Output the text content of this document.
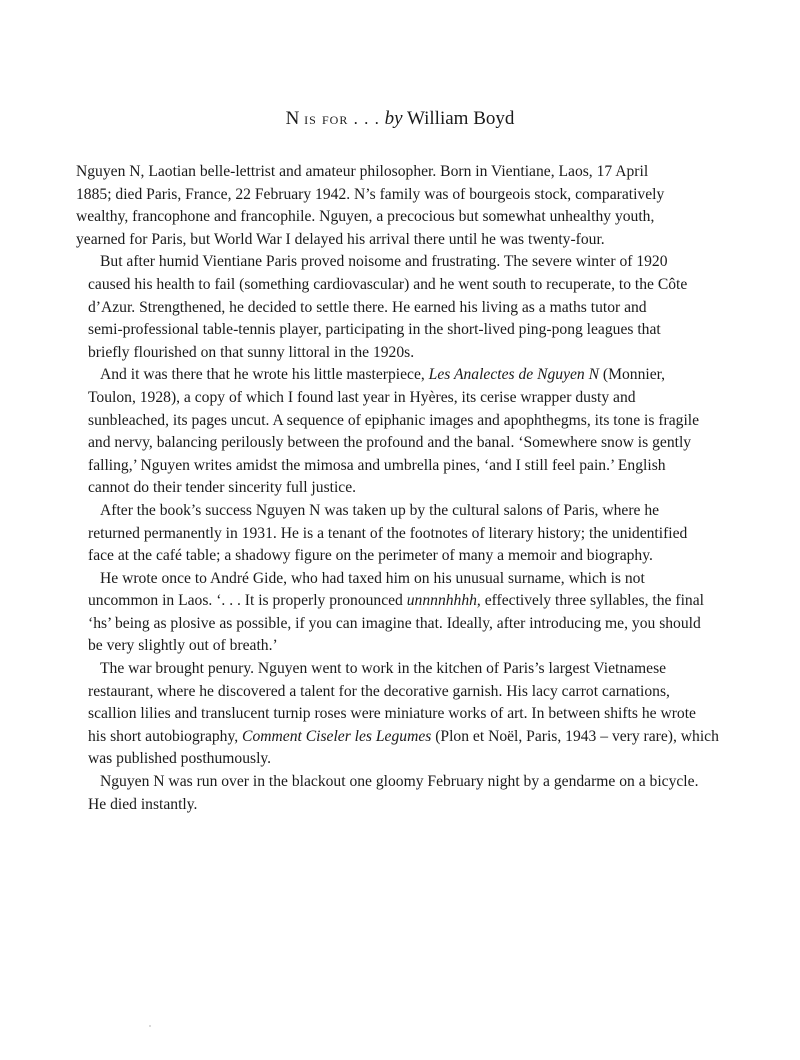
N is for . . . by William Boyd
Nguyen N, Laotian belle-lettrist and amateur philosopher. Born in Vientiane, Laos, 17 April
1885; died Paris, France, 22 February 1942. N’s family was of bourgeois stock, comparatively
wealthy, francophone and francophile. Nguyen, a precocious but somewhat unhealthy youth,
yearned for Paris, but World War I delayed his arrival there until he was twenty-four.
But after humid Vientiane Paris proved noisome and frustrating. The severe winter of 1920
caused his health to fail (something cardiovascular) and he went south to recuperate, to the Côte
d’Azur. Strengthened, he decided to settle there. He earned his living as a maths tutor and
semi-professional table-tennis player, participating in the short-lived ping-pong leagues that
briefly flourished on that sunny littoral in the 1920s.
And it was there that he wrote his little masterpiece, Les Analectes de Nguyen N (Monnier,
Toulon, 1928), a copy of which I found last year in Hyères, its cerise wrapper dusty and
sunbleached, its pages uncut. A sequence of epiphanic images and apophthegms, its tone is fragile
and nervy, balancing perilously between the profound and the banal. ‘Somewhere snow is gently
falling,’ Nguyen writes amidst the mimosa and umbrella pines, ‘and I still feel pain.’ English
cannot do their tender sincerity full justice.
After the book’s success Nguyen N was taken up by the cultural salons of Paris, where he
returned permanently in 1931. He is a tenant of the footnotes of literary history; the unidentified
face at the café table; a shadowy figure on the perimeter of many a memoir and biography.
He wrote once to André Gide, who had taxed him on his unusual surname, which is not
uncommon in Laos. ‘. . . It is properly pronounced unnnnhhhh, effectively three syllables, the final
‘hs’ being as plosive as possible, if you can imagine that. Ideally, after introducing me, you should
be very slightly out of breath.’
The war brought penury. Nguyen went to work in the kitchen of Paris’s largest Vietnamese
restaurant, where he discovered a talent for the decorative garnish. His lacy carrot carnations,
scallion lilies and translucent turnip roses were miniature works of art. In between shifts he wrote
his short autobiography, Comment Ciseler les Legumes (Plon et Noël, Paris, 1943 – very rare), which
was published posthumously.
Nguyen N was run over in the blackout one gloomy February night by a gendarme on a bicycle.
He died instantly.
